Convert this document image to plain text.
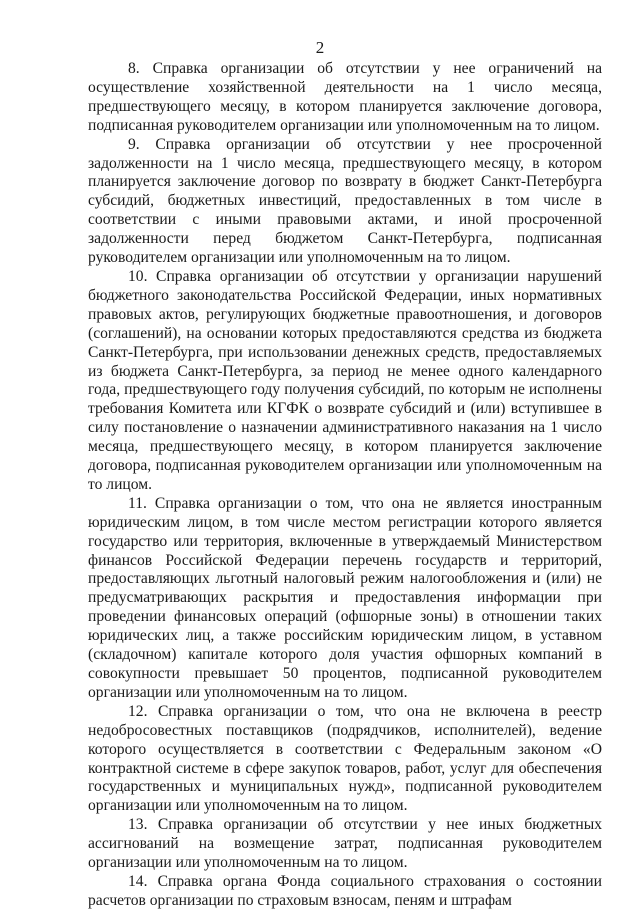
2

8. Справка организации об отсутствии у нее ограничений на осуществление хозяйственной деятельности на 1 число месяца, предшествующего месяцу, в котором планируется заключение договора, подписанная руководителем организации или уполномоченным на то лицом.

9. Справка организации об отсутствии у нее просроченной задолженности на 1 число месяца, предшествующего месяцу, в котором планируется заключение договор по возврату в бюджет Санкт-Петербурга субсидий, бюджетных инвестиций, предоставленных в том числе в соответствии с иными правовыми актами, и иной просроченной задолженности перед бюджетом Санкт-Петербурга, подписанная руководителем организации или уполномоченным на то лицом.

10. Справка организации об отсутствии у организации нарушений бюджетного законодательства Российской Федерации, иных нормативных правовых актов, регулирующих бюджетные правоотношения, и договоров (соглашений), на основании которых предоставляются средства из бюджета Санкт-Петербурга, при использовании денежных средств, предоставляемых из бюджета Санкт-Петербурга, за период не менее одного календарного года, предшествующего году получения субсидий, по которым не исполнены требования Комитета или КГФК о возврате субсидий и (или) вступившее в силу постановление о назначении административного наказания на 1 число месяца, предшествующего месяцу, в котором планируется заключение договора, подписанная руководителем организации или уполномоченным на то лицом.

11. Справка организации о том, что она не является иностранным юридическим лицом, в том числе местом регистрации которого является государство или территория, включенные в утверждаемый Министерством финансов Российской Федерации перечень государств и территорий, предоставляющих льготный налоговый режим налогообложения и (или) не предусматривающих раскрытия и предоставления информации при проведении финансовых операций (офшорные зоны) в отношении таких юридических лиц, а также российским юридическим лицом, в уставном (складочном) капитале которого доля участия офшорных компаний в совокупности превышает 50 процентов, подписанной руководителем организации или уполномоченным на то лицом.

12. Справка организации о том, что она не включена в реестр недобросовестных поставщиков (подрядчиков, исполнителей), ведение которого осуществляется в соответствии с Федеральным законом «О контрактной системе в сфере закупок товаров, работ, услуг для обеспечения государственных и муниципальных нужд», подписанной руководителем организации или уполномоченным на то лицом.

13. Справка организации об отсутствии у нее иных бюджетных ассигнований на возмещение затрат, подписанная руководителем организации или уполномоченным на то лицом.

14. Справка органа Фонда социального страхования о состоянии расчетов организации по страховым взносам, пеням и штрафам
